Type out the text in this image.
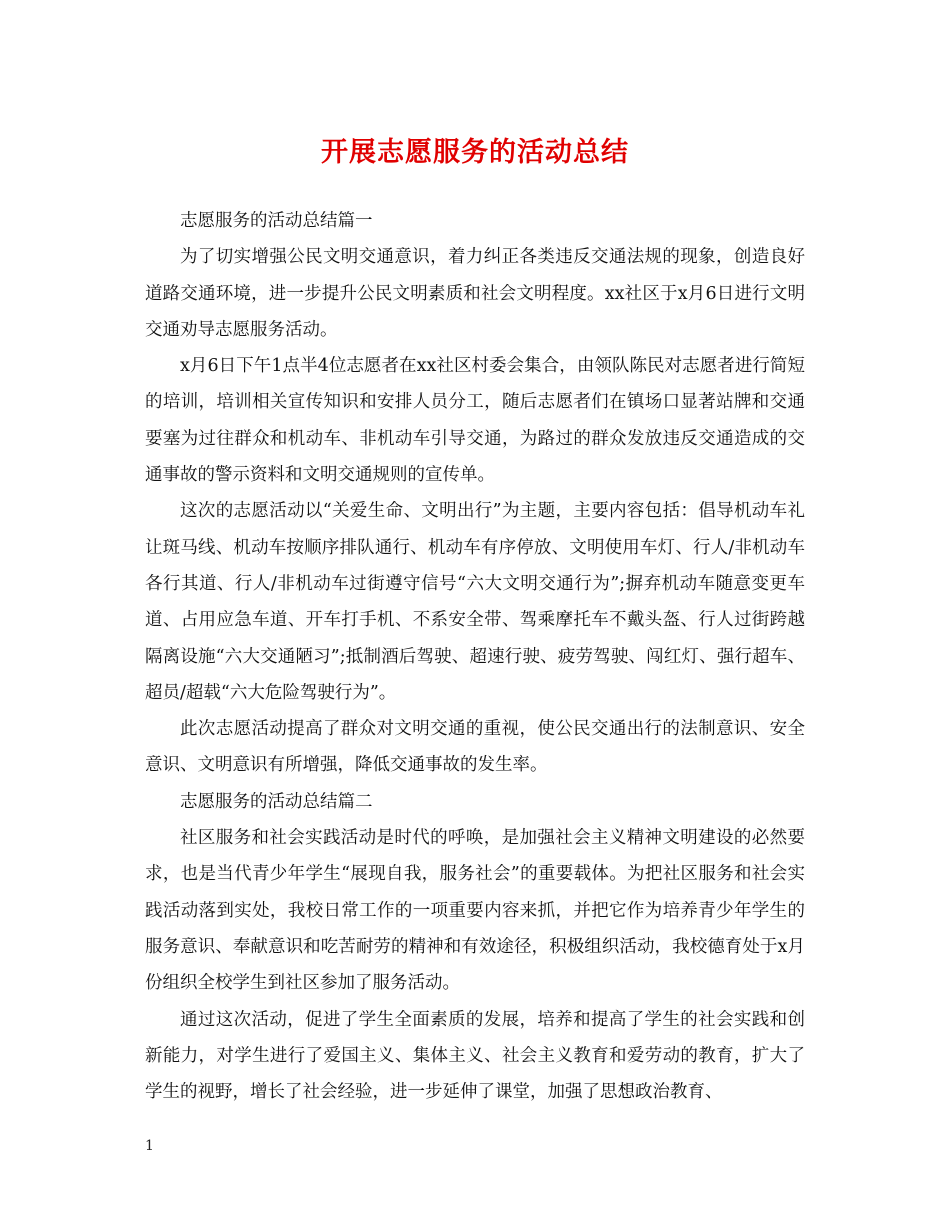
开展志愿服务的活动总结

志愿服务的活动总结篇一

为了切实增强公民文明交通意识，着力纠正各类违反交通法规的现象，创造良好道路交通环境，进一步提升公民文明素质和社会文明程度。xx社区于x月6日进行文明交通劝导志愿服务活动。

x月6日下午1点半4位志愿者在xx社区村委会集合，由领队陈民对志愿者进行简短的培训，培训相关宣传知识和安排人员分工，随后志愿者们在镇场口显著站牌和交通要塞为过往群众和机动车、非机动车引导交通，为路过的群众发放违反交通造成的交通事故的警示资料和文明交通规则的宣传单。

这次的志愿活动以“关爱生命、文明出行”为主题，主要内容包括：倡导机动车礼让斑马线、机动车按顺序排队通行、机动车有序停放、文明使用车灯、行人/非机动车各行其道、行人/非机动车过街遵守信号“六大文明交通行为”;摒弃机动车随意变更车道、占用应急车道、开车打手机、不系安全带、驾乘摩托车不戴头盔、行人过街跨越隔离设施“六大交通陋习”;抵制酒后驾驶、超速行驶、疲劳驾驶、闯红灯、强行超车、超员/超载“六大危险驾驶行为”。

此次志愿活动提高了群众对文明交通的重视，使公民交通出行的法制意识、安全意识、文明意识有所增强，降低交通事故的发生率。

志愿服务的活动总结篇二

社区服务和社会实践活动是时代的呼唤，是加强社会主义精神文明建设的必然要求，也是当代青少年学生“展现自我，服务社会”的重要载体。为把社区服务和社会实践活动落到实处，我校日常工作的一项重要内容来抓，并把它作为培养青少年学生的服务意识、奉献意识和吃苦耐劳的精神和有效途径，积极组织活动，我校德育处于x月份组织全校学生到社区参加了服务活动。

通过这次活动，促进了学生全面素质的发展，培养和提高了学生的社会实践和创新能力，对学生进行了爱国主义、集体主义、社会主义教育和爱劳动的教育，扩大了学生的视野，增长了社会经验，进一步延伸了课堂，加强了思想政治教育、

1
